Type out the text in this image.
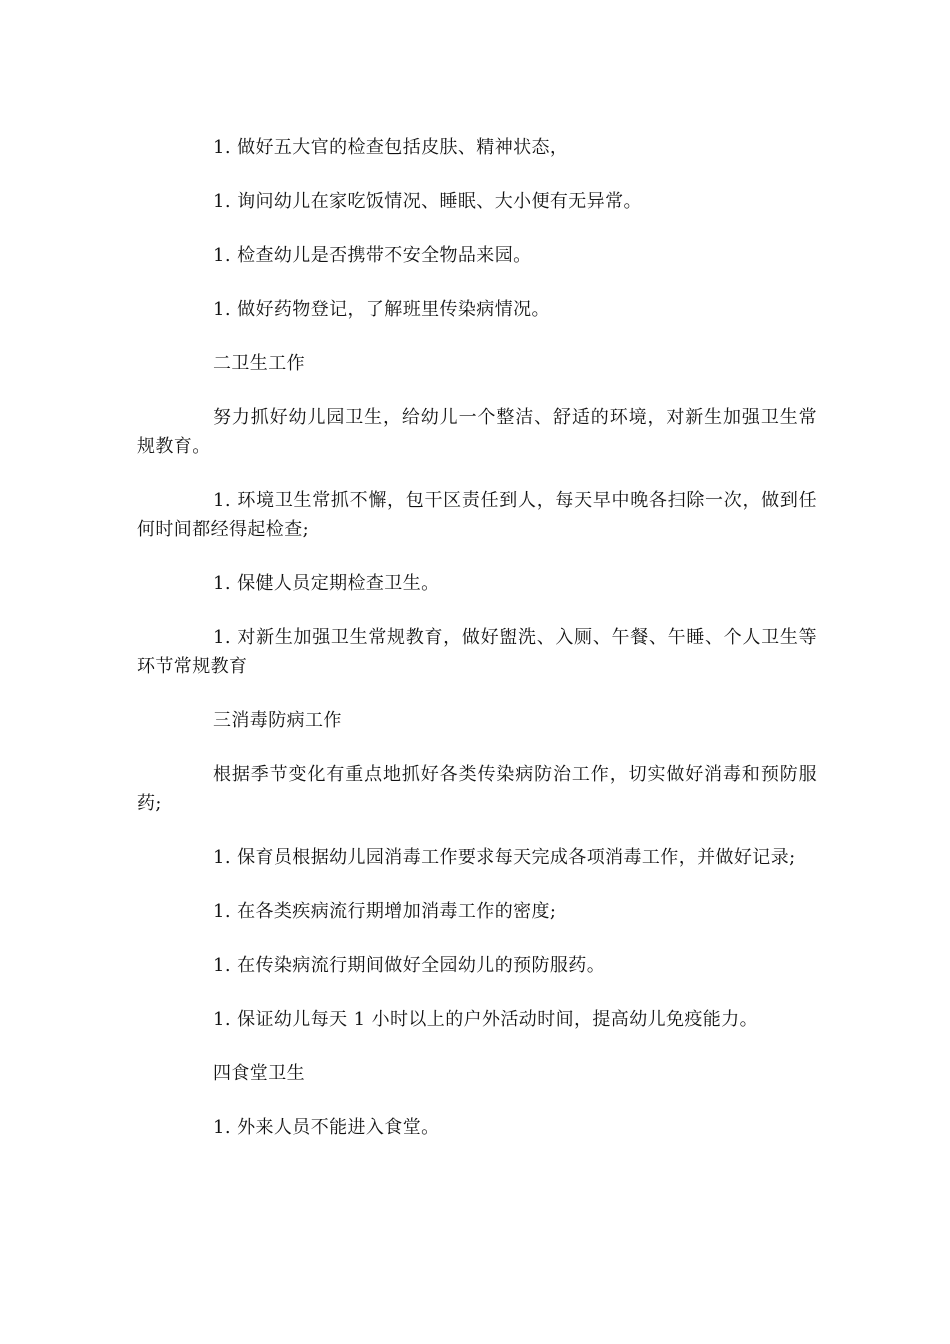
1. 做好五大官的检查包括皮肤、精神状态，

1. 询问幼儿在家吃饭情况、睡眠、大小便有无异常。

1. 检查幼儿是否携带不安全物品来园。

1. 做好药物登记，了解班里传染病情况。

二卫生工作

努力抓好幼儿园卫生，给幼儿一个整洁、舒适的环境，对新生加强卫生常规教育。

1. 环境卫生常抓不懈，包干区责任到人，每天早中晚各扫除一次，做到任何时间都经得起检查;

1. 保健人员定期检查卫生。

1. 对新生加强卫生常规教育，做好盥洗、入厕、午餐、午睡、个人卫生等环节常规教育

三消毒防病工作

根据季节变化有重点地抓好各类传染病防治工作，切实做好消毒和预防服药;

1. 保育员根据幼儿园消毒工作要求每天完成各项消毒工作，并做好记录;

1. 在各类疾病流行期增加消毒工作的密度;

1. 在传染病流行期间做好全园幼儿的预防服药。

1. 保证幼儿每天 1 小时以上的户外活动时间，提高幼儿免疫能力。

四食堂卫生

1. 外来人员不能进入食堂。
